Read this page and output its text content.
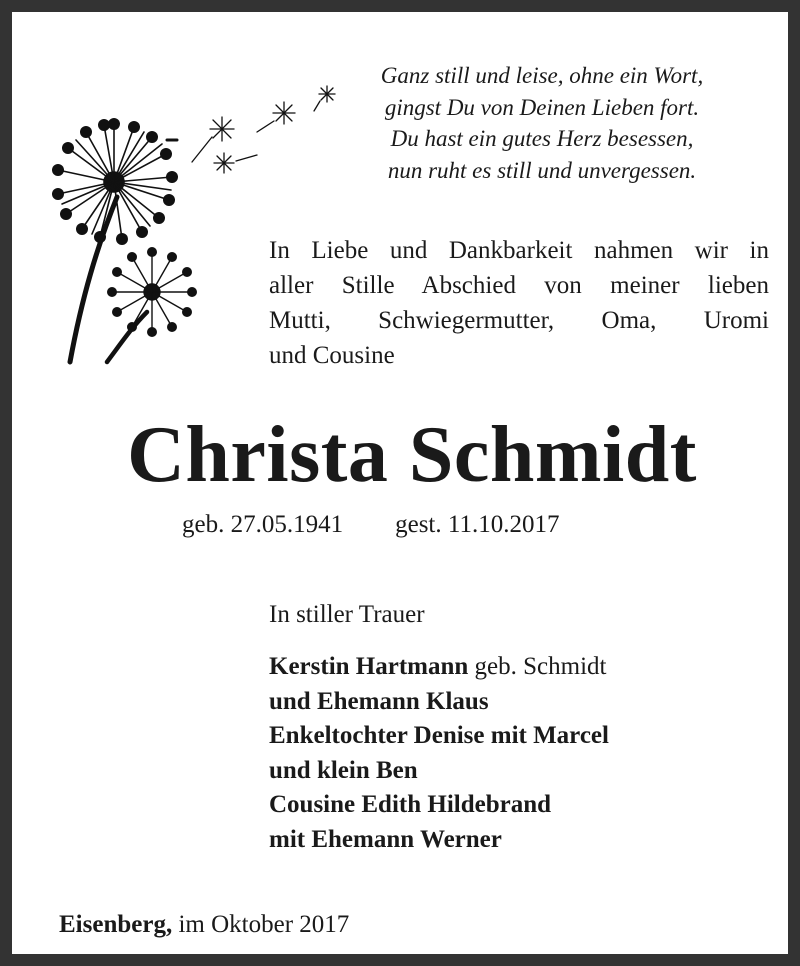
Ganz still und leise, ohne ein Wort,
gingst Du von Deinen Lieben fort.
Du hast ein gutes Herz besessen,
nun ruht es still und unvergessen.
In Liebe und Dankbarkeit nahmen wir in
aller Stille Abschied von meiner lieben
Mutti, Schwiegermutter, Oma, Uromi
und Cousine
Christa Schmidt
geb. 27.05.1941 gest. 11.10.2017
In stiller Trauer
Kerstin Hartmann geb. Schmidt
und Ehemann Klaus
Enkeltochter Denise mit Marcel
und klein Ben
Cousine Edith Hildebrand
mit Ehemann Werner
Eisenberg, im Oktober 2017
